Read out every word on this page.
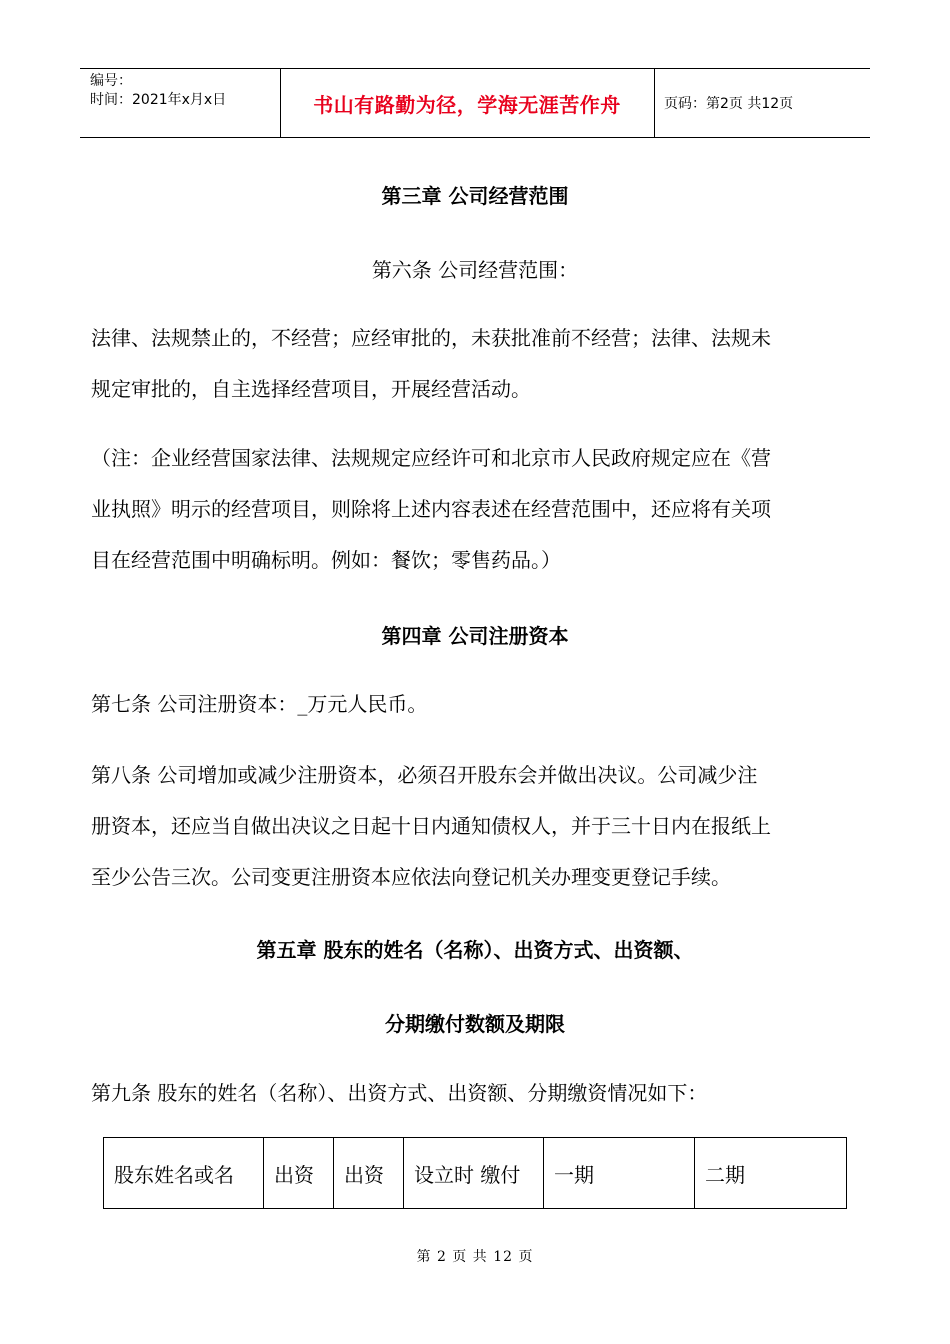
编号：
时间：2021年x月x日	书山有路勤为径，学海无涯苦作舟	页码：第2页 共12页
第三章 公司经营范围
第六条 公司经营范围：
法律、法规禁止的，不经营；应经审批的，未获批准前不经营；法律、法规未
规定审批的，自主选择经营项目，开展经营活动。
（注：企业经营国家法律、法规规定应经许可和北京市人民政府规定应在《营
业执照》明示的经营项目，则除将上述内容表述在经营范围中，还应将有关项
目在经营范围中明确标明。例如：餐饮；零售药品。）
第四章 公司注册资本
第七条 公司注册资本：_万元人民币。
第八条 公司增加或减少注册资本，必须召开股东会并做出决议。公司减少注
册资本，还应当自做出决议之日起十日内通知债权人，并于三十日内在报纸上
至少公告三次。公司变更注册资本应依法向登记机关办理变更登记手续。
第五章 股东的姓名（名称）、出资方式、出资额、
分期缴付数额及期限
第九条 股东的姓名（名称）、出资方式、出资额、分期缴资情况如下：
股东姓名或名	出资	出资	设立时 缴付	一期	二期
第 2 页 共 12 页
